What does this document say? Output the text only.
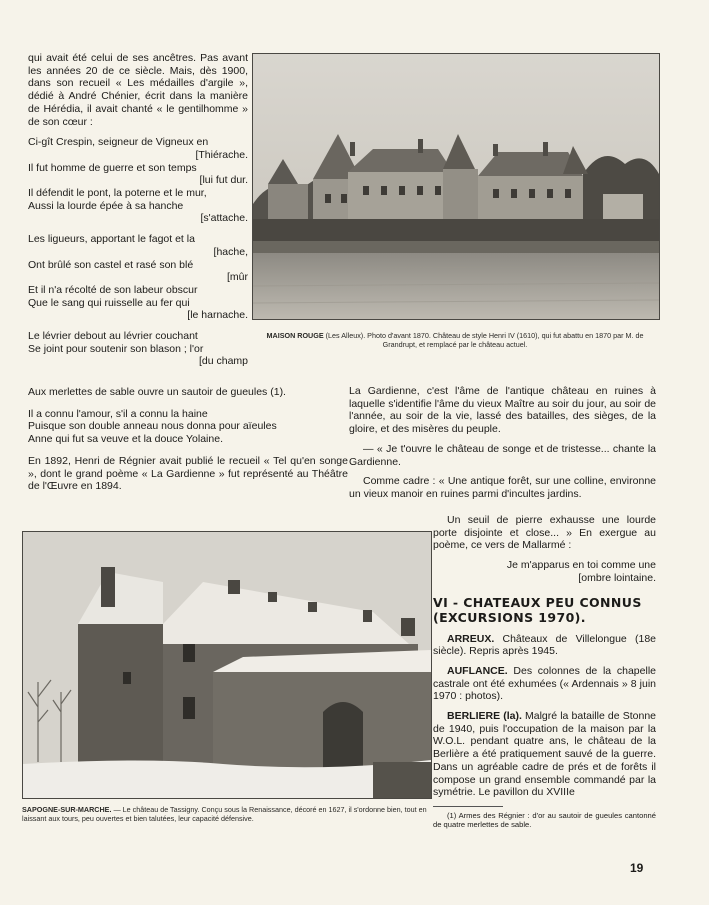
qui avait été celui de ses ancêtres. Pas avant les années 20 de ce siècle. Mais, dès 1900, dans son recueil « Les médailles d'argile », dédié à André Chénier, écrit dans la manière de Hérédia, il avait chanté « le gentilhomme » de son cœur :

Ci-gît Crespin, seigneur de Vigneux en
[Thiérache.
Il fut homme de guerre et son temps
[lui fut dur.
Il défendit le pont, la poterne et le mur,
Aussi la lourde épée à sa hanche
[s'attache.
Les ligueurs, apportant le fagot et la
[hache,
Ont brûlé son castel et rasé son blé
[mûr
Et il n'a récolté de son labeur obscur
Que le sang qui ruisselle au fer qui
[le harnache.
Le lévrier debout au lévrier couchant
Se joint pour soutenir son blason ; l'or
[du champ
Aux merlettes de sable ouvre un sautoir de gueules (1).
Il a connu l'amour, s'il a connu la haine
Puisque son double anneau nous donna pour aïeules
Anne qui fut sa veuve et la douce Yolaine.

En 1892, Henri de Régnier avait publié le recueil « Tel qu'en songe », dont le grand poème « La Gardienne » fut représenté au Théâtre de l'Œuvre en 1894.

MAISON ROUGE (Les Alleux). Photo d'avant 1870. Château de style Henri IV (1610), qui fut abattu en 1870 par M. de Grandrupt, et remplacé par le château actuel.

La Gardienne, c'est l'âme de l'antique château en ruines à laquelle s'identifie l'âme du vieux Maître au soir du jour, au soir de l'année, au soir de la vie, lassé des batailles, des sièges, de la gloire, et des misères du peuple.

— « Je t'ouvre le château de songe et de tristesse... chante la Gardienne.

Comme cadre : « Une antique forêt, sur une colline, environne un vieux manoir en ruines parmi d'incultes jardins.

Un seuil de pierre exhausse une lourde porte disjointe et close... » En exergue au poème, ce vers de Mallarmé :

Je m'apparus en toi comme une
[ombre lointaine.
VI - CHATEAUX PEU CONNUS (EXCURSIONS 1970).

ARREUX. Châteaux de Villelongue (18e siècle). Repris après 1945.

AUFLANCE. Des colonnes de la chapelle castrale ont été exhumées (« Ardennais » 8 juin 1970 : photos).

BERLIERE (la). Malgré la bataille de Stonne de 1940, puis l'occupation de la maison par la W.O.L. pendant quatre ans, le château de la Berlière a été pratiquement sauvé de la guerre. Dans un agréable cadre de prés et de forêts il compose un grand ensemble commandé par la symétrie. Le pavillon du XVIIIe

(1) Armes des Régnier : d'or au sautoir de gueules cantonné de quatre merlettes de sable.

SAPOGNE-SUR-MARCHE. — Le château de Tassigny. Conçu sous la Renaissance, décoré en 1627, il s'ordonne bien, tout en laissant aux tours, peu ouvertes et bien talutées, leur capacité défensive.
19
